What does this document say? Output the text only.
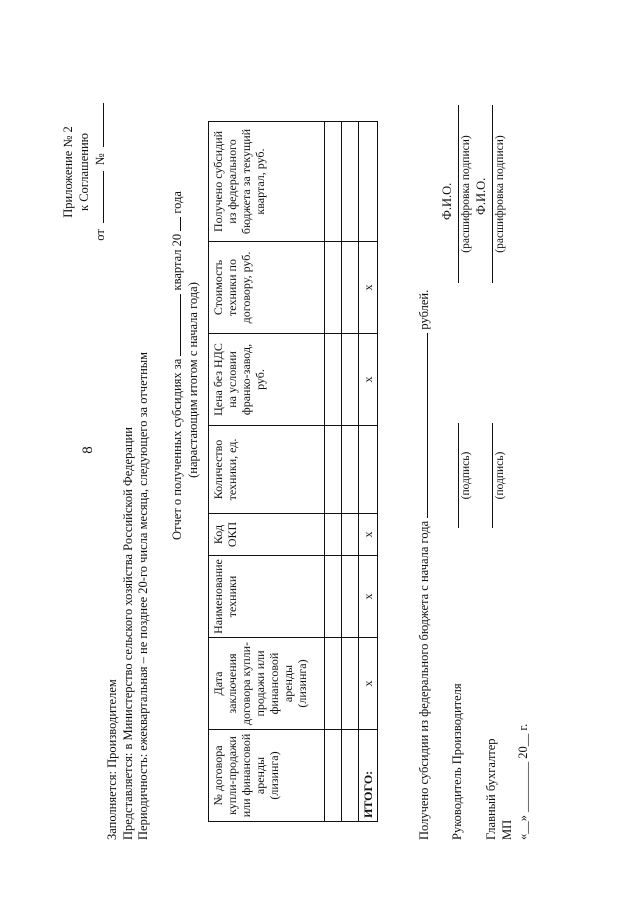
8
Приложение № 2 к Соглашению
от
№
Заполняется: Производителем Представляется: в Министерство сельского хозяйства Российской Федерации Периодичность: ежеквартальная – не позднее 20-го числа месяца, следующего за отчетным Отчет о полученных субсидиях за  квартал 20  года
(нарастающим итогом с начала года)
№ договора купли-продажи или финансовой аренды (лизинга)	Дата заключения договора купли-продажи или финансовой аренды (лизинга)	Наименование техники	Код ОКП	Количество техники, ед.	Цена без НДС на условии франко-завод, руб.	Стоимость техники по договору, руб.	Получено субсидий из федерального бюджета за текущий квартал, руб.

ИТОГО:	х	х	х		х	х	
Получено субсидии из федерального бюджета с начала года  рублей.
Руководитель Производителя
(подпись)
Ф.И.О. (расшифровка подписи)
Главный бухгалтер
(подпись)
Ф.И.О. (расшифровка подписи)
МП «__» ________ 20__ г.
